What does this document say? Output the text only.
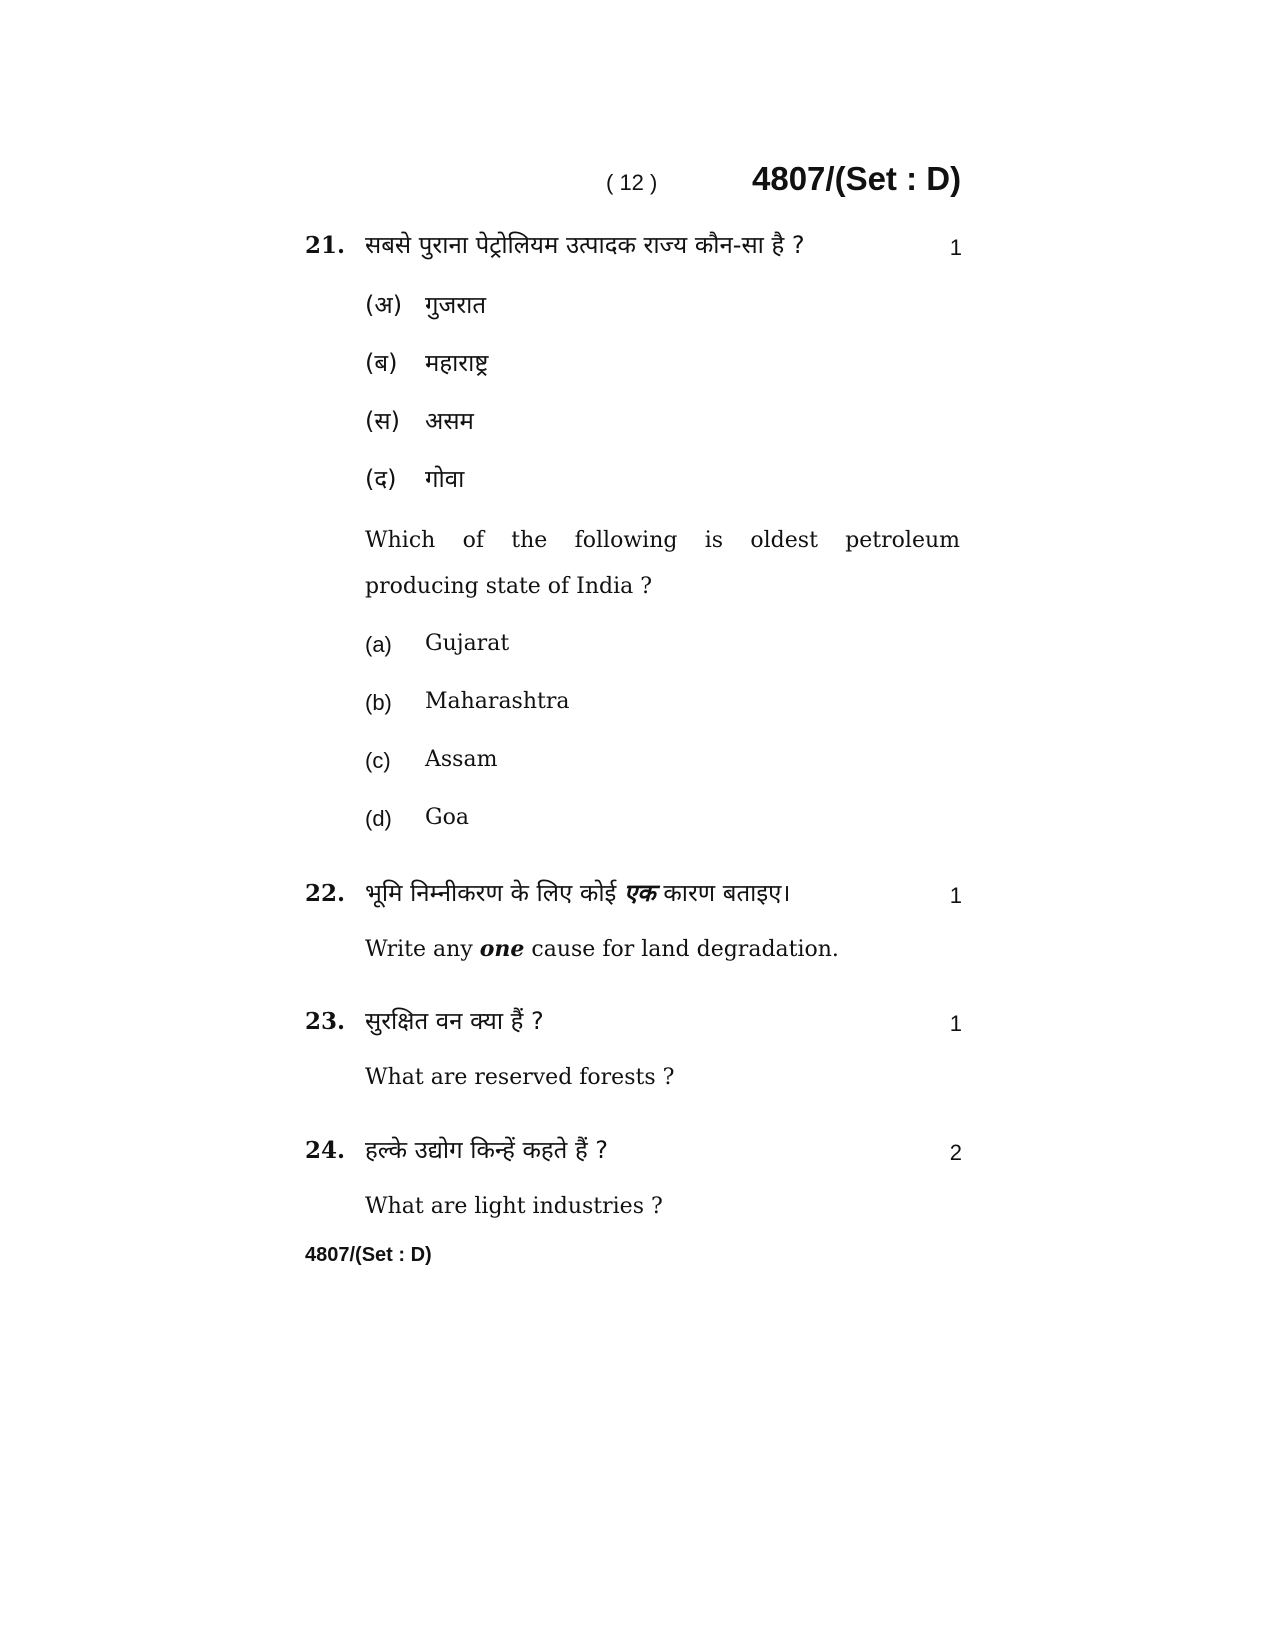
( 12 )	4807/(Set : D)
21. सबसे पुराना पेट्रोलियम उत्पादक राज्य कौन-सा है ?	1
(अ) गुजरात
(ब) महाराष्ट्र
(स) असम
(द) गोवा
Which of the following is oldest petroleum
producing state of India ?
(a) Gujarat
(b) Maharashtra
(c) Assam
(d) Goa
22. भूमि निम्नीकरण के लिए कोई एक कारण बताइए।	1
Write any one cause for land degradation.
23. सुरक्षित वन क्या हैं ?	1
What are reserved forests ?
24. हल्के उद्योग किन्हें कहते हैं ?	2
What are light industries ?
4807/(Set : D)
